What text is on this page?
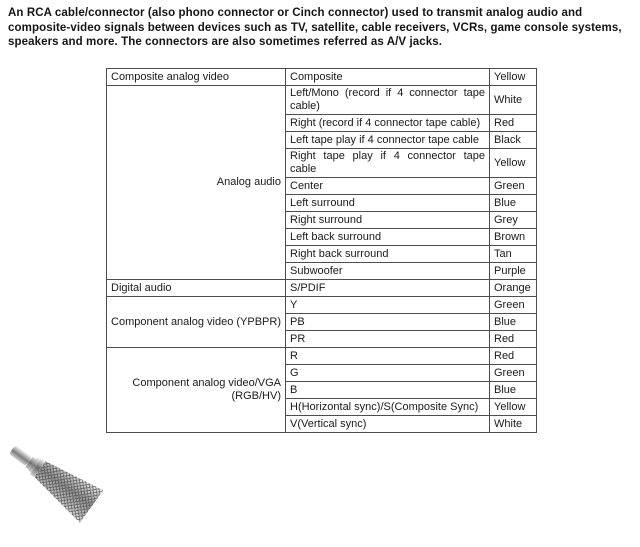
An RCA cable/connector (also phono connector or Cinch connector) used to transmit analog audio and composite-video signals between devices such as TV, satellite, cable receivers, VCRs, game console systems, speakers and more. The connectors are also sometimes referred as A/V jacks.

Composite analog video	Composite	Yellow
Analog audio	Left/Mono (record if 4 connector tape cable)	White
	Right (record if 4 connector tape cable)	Red
	Left tape play if 4 connector tape cable	Black
	Right tape play if 4 connector tape cable	Yellow
	Center	Green
	Left surround	Blue
	Right surround	Grey
	Left back surround	Brown
	Right back surround	Tan
	Subwoofer	Purple
Digital audio	S/PDIF	Orange
Component analog video (YPBPR)	Y	Green
	PB	Blue
	PR	Red
Component analog video/VGA (RGB/HV)	R	Red
	G	Green
	B	Blue
	H(Horizontal sync)/S(Composite Sync)	Yellow
	V(Vertical sync)	White
